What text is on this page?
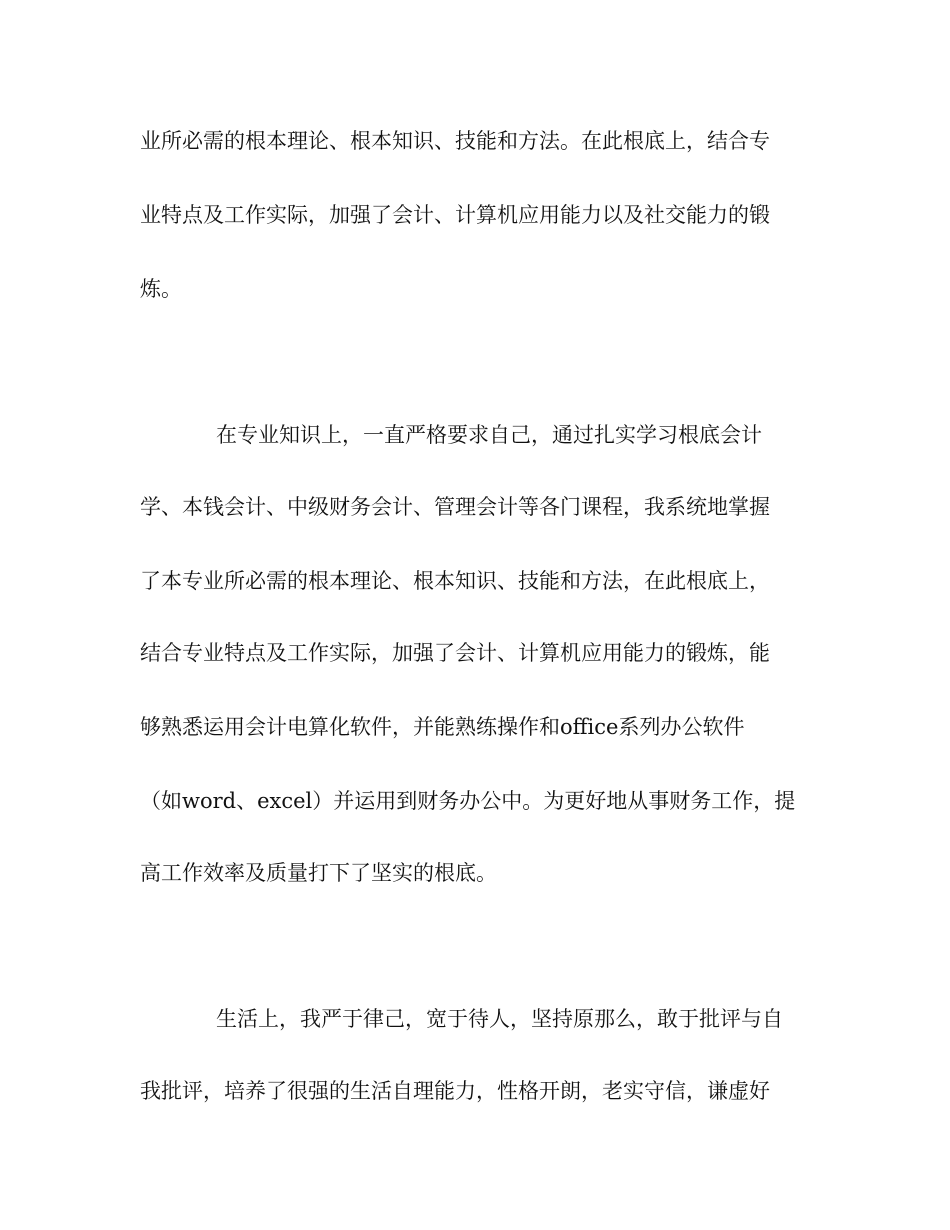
业所必需的根本理论、根本知识、技能和方法。在此根底上，结合专

业特点及工作实际，加强了会计、计算机应用能力以及社交能力的锻

炼。

在专业知识上，一直严格要求自己，通过扎实学习根底会计

学、本钱会计、中级财务会计、管理会计等各门课程，我系统地掌握

了本专业所必需的根本理论、根本知识、技能和方法，在此根底上，

结合专业特点及工作实际，加强了会计、计算机应用能力的锻炼，能

够熟悉运用会计电算化软件，并能熟练操作和office系列办公软件

（如word、excel）并运用到财务办公中。为更好地从事财务工作，提

高工作效率及质量打下了坚实的根底。

生活上，我严于律己，宽于待人，坚持原那么，敢于批评与自

我批评，培养了很强的生活自理能力，性格开朗，老实守信，谦虚好
